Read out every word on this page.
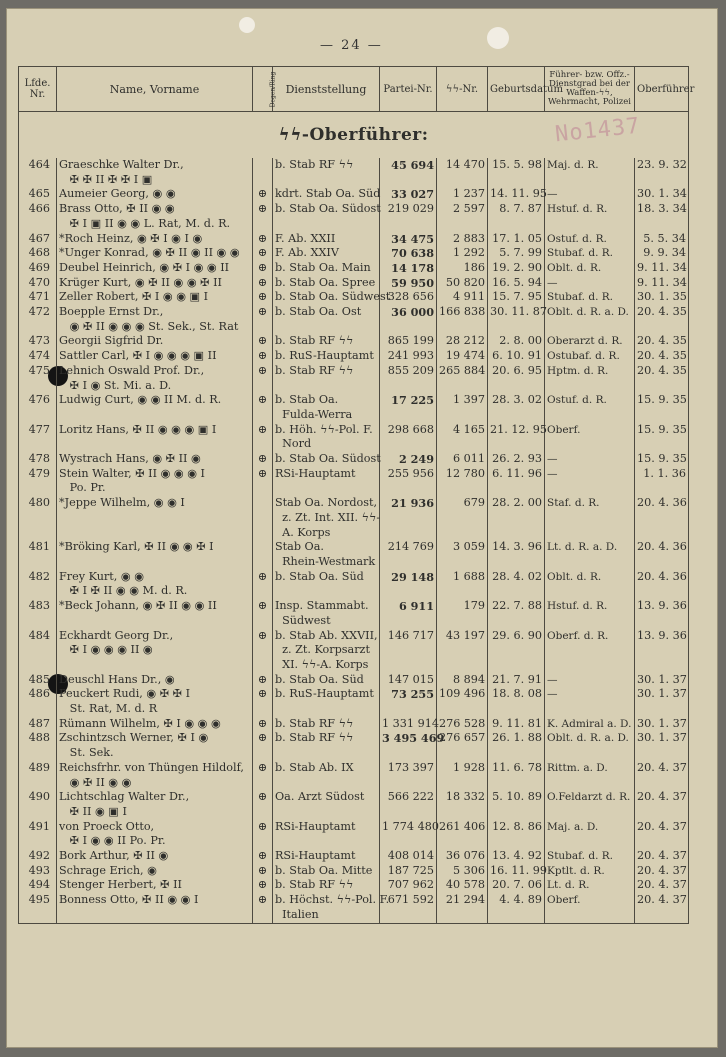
— 24 —
No1437
Lfde. Nr.	Name, Vorname	Degen/Ring	Dienststellung	Partei-Nr.	ϟϟ-Nr.	Geburtsdatum	Führer- bzw. Offz.-Dienstgrad bei der Waffen-ϟϟ, Wehrmacht, Polizei	Oberführer
ϟϟ-Oberführer:								
464	Graeschke Walter Dr.,
✠ ✠ II ✠ ✠ I ▣		b. Stab RF ϟϟ	45 694	14 470	15. 5. 98	Maj. d. R.	23. 9. 32
465	Aumeier Georg, ◉ ◉	⊕	kdrt. Stab Oa. Süd	33 027	1 237	14. 11. 95	—	30. 1. 34
466	Brass Otto, ✠ II ◉ ◉
✠ I ▣ II ◉ ◉ L. Rat, M. d. R.	⊕	b. Stab Oa. Südost	219 029	2 597	8. 7. 87	Hstuf. d. R.	18. 3. 34
467	*Roch Heinz, ◉ ✠ I ◉ I ◉	⊕	F. Ab. XXII	34 475	2 883	17. 1. 05	Ostuf. d. R.	5. 5. 34
468	*Unger Konrad, ◉ ✠ II ◉ II ◉ ◉	⊕	F. Ab. XXIV	70 638	1 292	5. 7. 99	Stubaf. d. R.	9. 9. 34
469	Deubel Heinrich, ◉ ✠ I ◉ ◉ II	⊕	b. Stab Oa. Main	14 178	186	19. 2. 90	Oblt. d. R.	9. 11. 34
470	Krüger Kurt, ◉ ✠ II ◉ ◉ ✠ II	⊕	b. Stab Oa. Spree	59 950	50 820	16. 5. 94	—	9. 11. 34
471	Zeller Robert, ✠ I ◉ ◉ ▣ I	⊕	b. Stab Oa. Südwest	328 656	4 911	15. 7. 95	Stubaf. d. R.	30. 1. 35
472	Boepple Ernst Dr.,
◉ ✠ II ◉ ◉ ◉ St. Sek., St. Rat	⊕	b. Stab Oa. Ost	36 000	166 838	30. 11. 87	Oblt. d. R. a. D.	20. 4. 35
473	Georgii Sigfrid Dr.	⊕	b. Stab RF ϟϟ	865 199	28 212	2. 8. 00	Oberarzt d. R.	20. 4. 35
474	Sattler Carl, ✠ I ◉ ◉ ◉ ▣ II	⊕	b. RuS-Hauptamt	241 993	19 474	6. 10. 91	Ostubaf. d. R.	20. 4. 35
475	Lehnich Oswald Prof. Dr.,
✠ I ◉ St. Mi. a. D.	⊕	b. Stab RF ϟϟ	855 209	265 884	20. 6. 95	Hptm. d. R.	20. 4. 35
476	Ludwig Curt, ◉ ◉ II M. d. R.	⊕	b. Stab Oa.
Fulda-Werra	17 225	1 397	28. 3. 02	Ostuf. d. R.	15. 9. 35
477	Loritz Hans, ✠ II ◉ ◉ ◉ ▣ I	⊕	b. Höh. ϟϟ-Pol. F.
Nord	298 668	4 165	21. 12. 95	Oberf.	15. 9. 35
478	Wystrach Hans, ◉ ✠ II ◉	⊕	b. Stab Oa. Südost	2 249	6 011	26. 2. 93	—	15. 9. 35
479	Stein Walter, ✠ II ◉ ◉ ◉ I
Po. Pr.	⊕	RSi-Hauptamt	255 956	12 780	6. 11. 96	—	1. 1. 36
480	*Jeppe Wilhelm, ◉ ◉ I		Stab Oa. Nordost,
z. Zt. Int. XII. ϟϟ-
A. Korps	21 936	679	28. 2. 00	Staf. d. R.	20. 4. 36
481	*Bröking Karl, ✠ II ◉ ◉ ✠ I		Stab Oa.
Rhein-Westmark	214 769	3 059	14. 3. 96	Lt. d. R. a. D.	20. 4. 36
482	Frey Kurt, ◉ ◉
✠ I ✠ II ◉ ◉ M. d. R.	⊕	b. Stab Oa. Süd	29 148	1 688	28. 4. 02	Oblt. d. R.	20. 4. 36
483	*Beck Johann, ◉ ✠ II ◉ ◉ II	⊕	Insp. Stammabt.
Südwest	6 911	179	22. 7. 88	Hstuf. d. R.	13. 9. 36
484	Eckhardt Georg Dr.,
✠ I ◉ ◉ ◉ II ◉	⊕	b. Stab Ab. XXVII,
z. Zt. Korpsarzt
XI. ϟϟ-A. Korps	146 717	43 197	29. 6. 90	Oberf. d. R.	13. 9. 36
485	Deuschl Hans Dr., ◉	⊕	b. Stab Oa. Süd	147 015	8 894	21. 7. 91	—	30. 1. 37
486	Peuckert Rudi, ◉ ✠ ✠ I
St. Rat, M. d. R	⊕	b. RuS-Hauptamt	73 255	109 496	18. 8. 08	—	30. 1. 37
487	Rümann Wilhelm, ✠ I ◉ ◉ ◉	⊕	b. Stab RF ϟϟ	1 331 914	276 528	9. 11. 81	K. Admiral a. D.	30. 1. 37
488	Zschintzsch Werner, ✠ I ◉
St. Sek.	⊕	b. Stab RF ϟϟ	3 495 469	276 657	26. 1. 88	Oblt. d. R. a. D.	30. 1. 37
489	Reichsfrhr. von Thüngen Hildolf,
◉ ✠ II ◉ ◉	⊕	b. Stab Ab. IX	173 397	1 928	11. 6. 78	Rittm. a. D.	20. 4. 37
490	Lichtschlag Walter Dr.,
✠ II ◉ ▣ I	⊕	Oa. Arzt Südost	566 222	18 332	5. 10. 89	O.Feldarzt d. R.	20. 4. 37
491	von Proeck Otto,
✠ I ◉ ◉ II Po. Pr.	⊕	RSi-Hauptamt	1 774 480	261 406	12. 8. 86	Maj. a. D.	20. 4. 37
492	Bork Arthur, ✠ II ◉	⊕	RSi-Hauptamt	408 014	36 076	13. 4. 92	Stubaf. d. R.	20. 4. 37
493	Schrage Erich, ◉	⊕	b. Stab Oa. Mitte	187 725	5 306	16. 11. 99	Kptlt. d. R.	20. 4. 37
494	Stenger Herbert, ✠ II	⊕	b. Stab RF ϟϟ	707 962	40 578	20. 7. 06	Lt. d. R.	20. 4. 37
495	Bonness Otto, ✠ II ◉ ◉ I	⊕	b. Höchst. ϟϟ-Pol. F.
Italien	671 592	21 294	4. 4. 89	Oberf.	20. 4. 37
